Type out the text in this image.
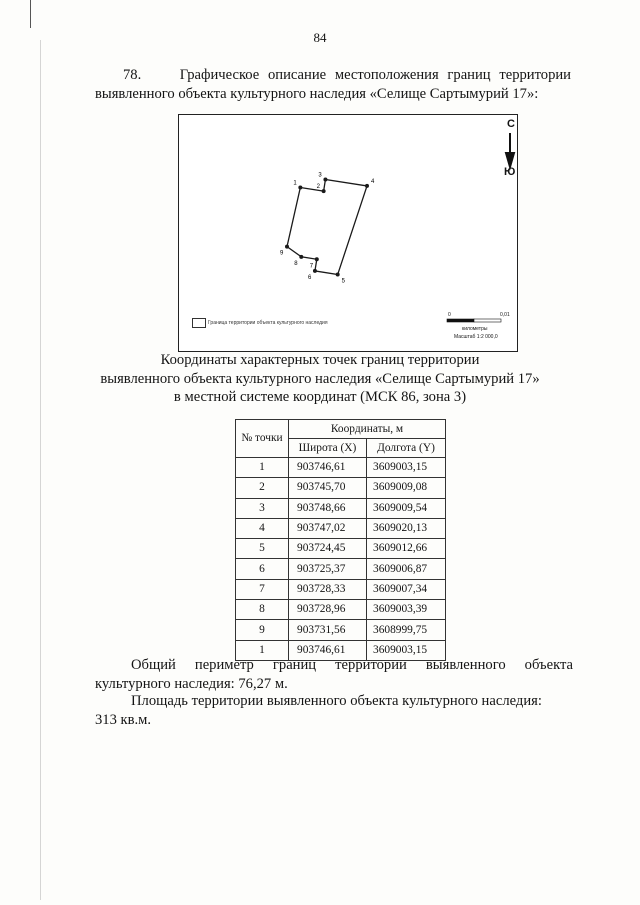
84
78.	Графическое описание местоположения границ территории выявленного объекта культурного наследия «Селище Сартымурий 17»:
1
2
3
4
5
6
7
8
9
С
Ю
Граница территории объекта культурного наследия
0	0,01
километры
Масштаб 1:2 000,0
Координаты характерных точек границ территории
выявленного объекта культурного наследия «Селище Сартымурий 17»
в местной системе координат (МСК 86, зона 3)
№ точки	Координаты, м	
	Широта (X)	Долгота (Y)
1	903746,61	3609003,15
2	903745,70	3609009,08
3	903748,66	3609009,54
4	903747,02	3609020,13
5	903724,45	3609012,66
6	903725,37	3609006,87
7	903728,33	3609007,34
8	903728,96	3609003,39
9	903731,56	3608999,75
1	903746,61	3609003,15
Общий периметр границ территории выявленного объекта
культурного наследия: 76,27 м.
Площадь территории выявленного объекта культурного наследия:
313 кв.м.
